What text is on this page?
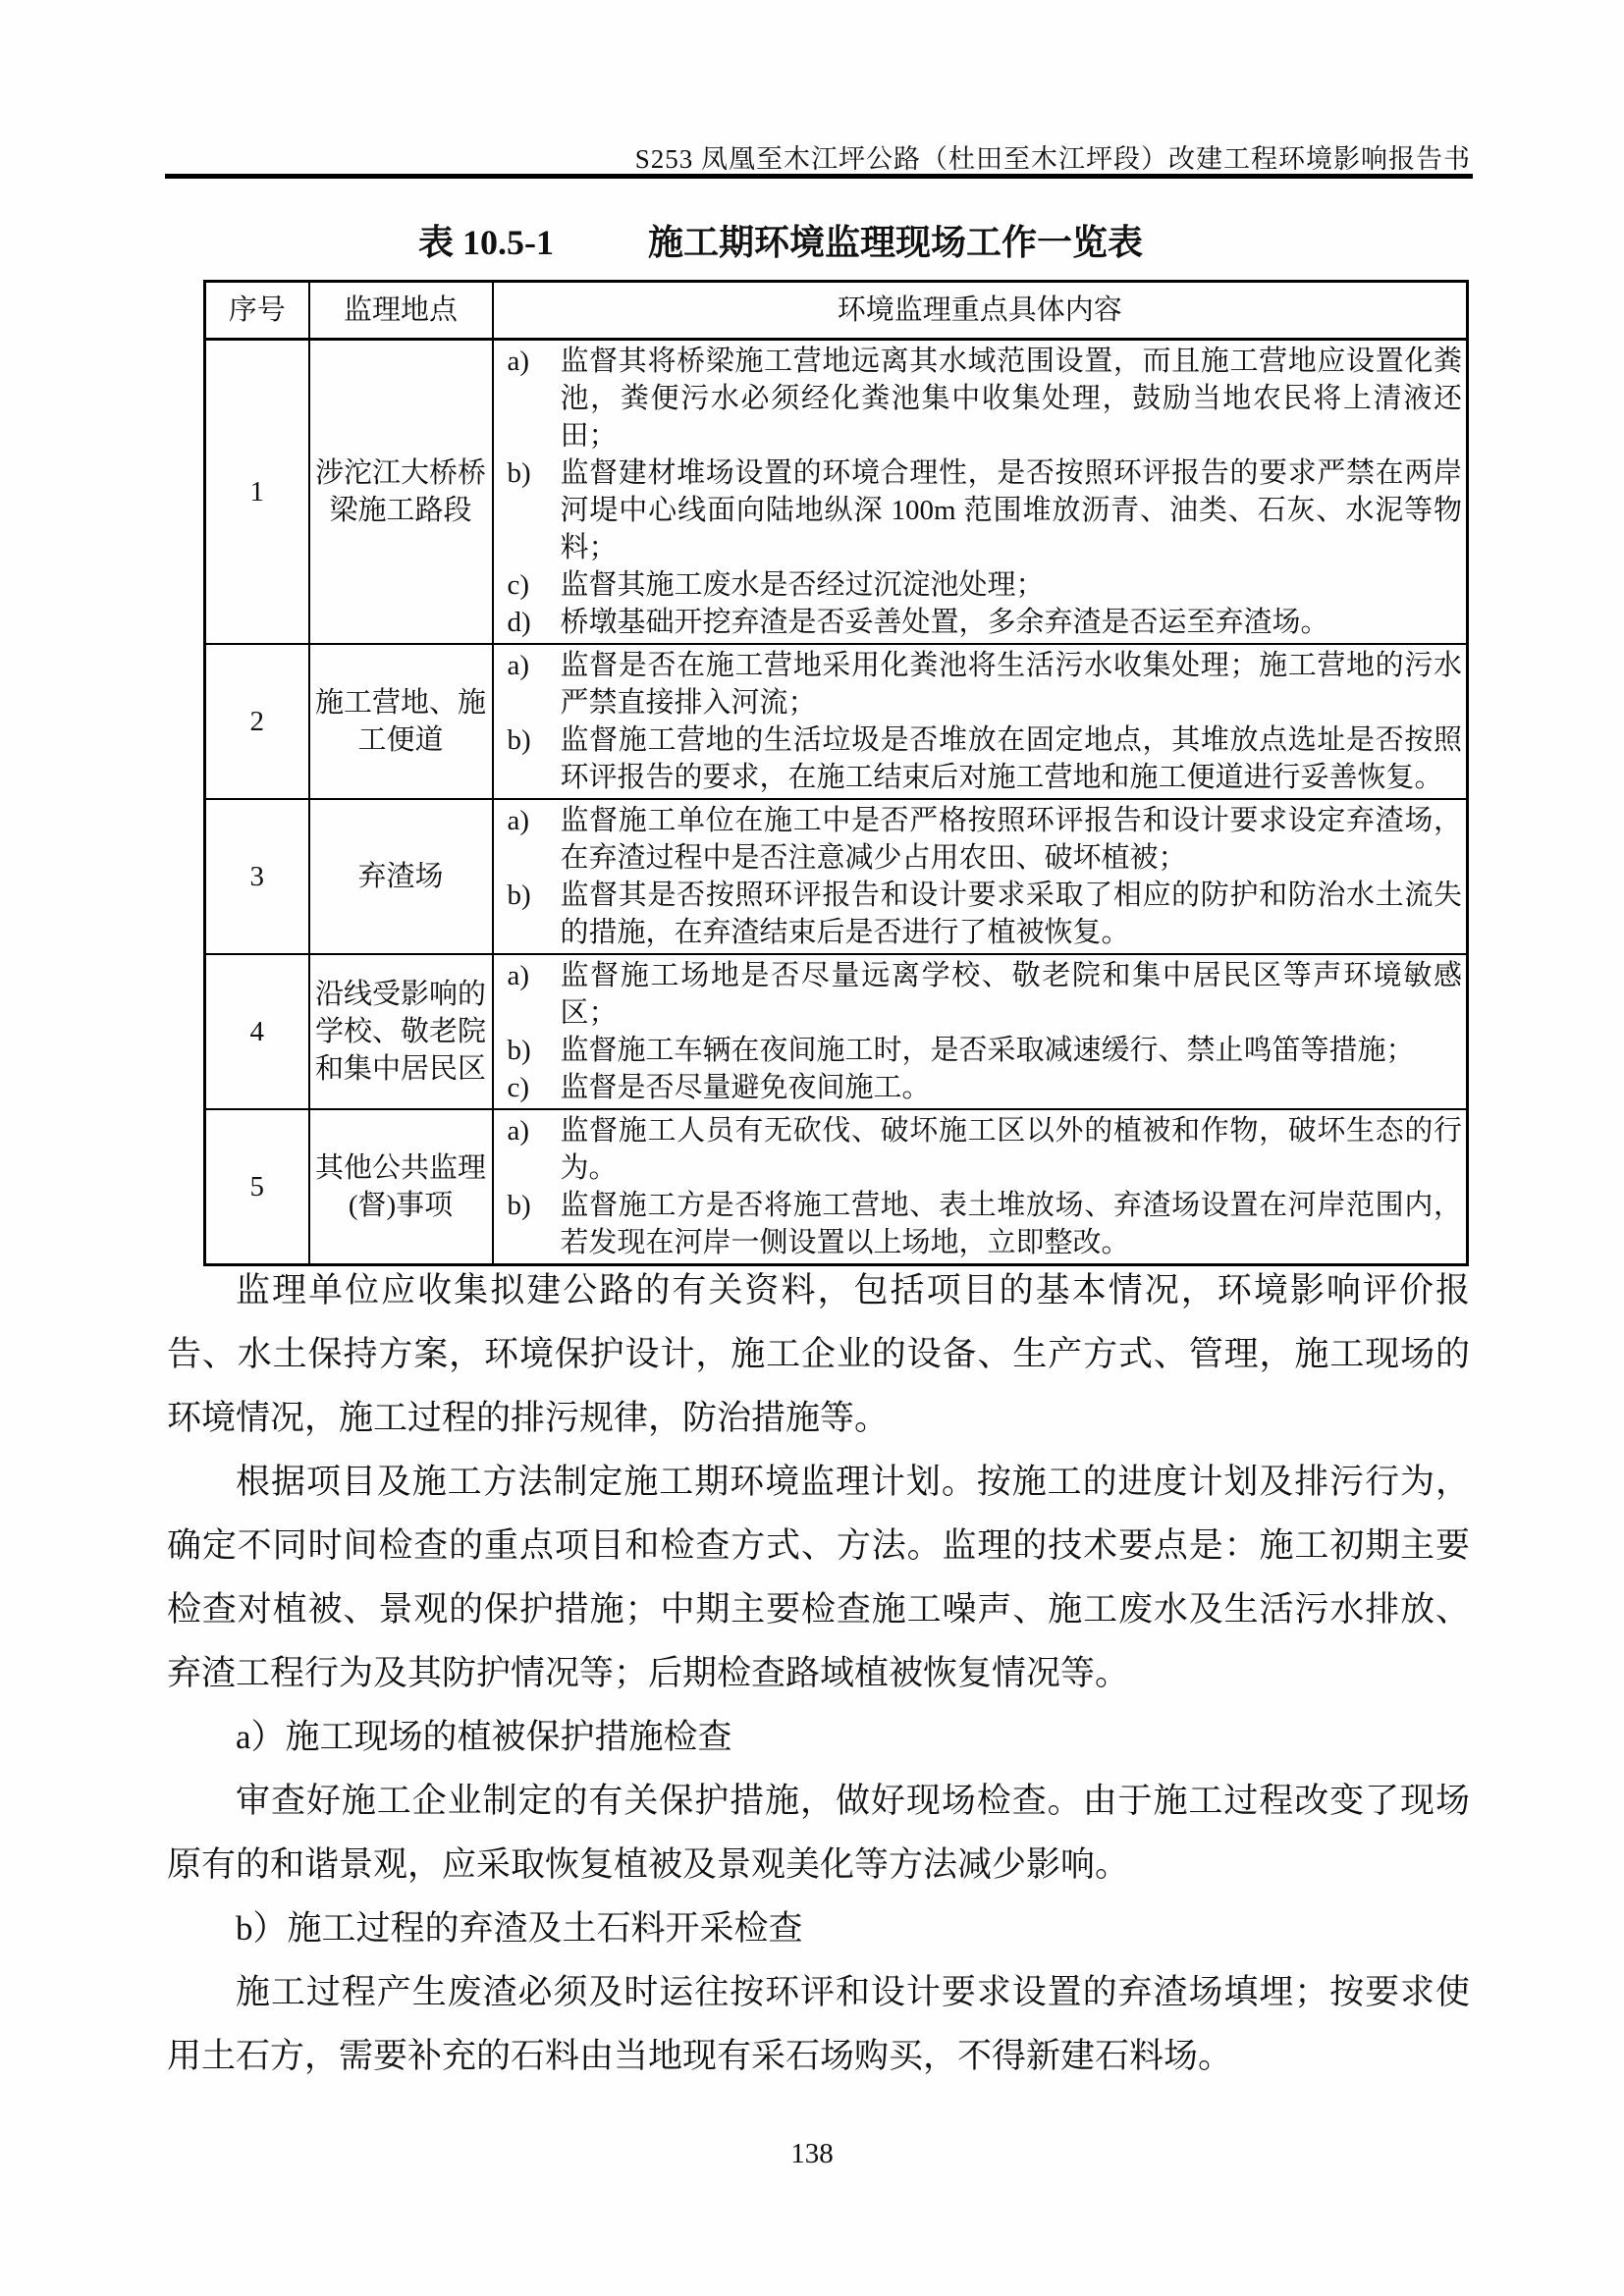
S253 凤凰至木江坪公路（杜田至木江坪段）改建工程环境影响报告书
表 10.5-1	施工期环境监理现场工作一览表
序号	监理地点	环境监理重点具体内容
1	涉沱江大桥桥梁施工路段	
a)	监督其将桥梁施工营地远离其水域范围设置，而且施工营地应设置化粪池，粪便污水必须经化粪池集中收集处理，鼓励当地农民将上清液还田；
b)	监督建材堆场设置的环境合理性，是否按照环评报告的要求严禁在两岸河堤中心线面向陆地纵深 100m 范围堆放沥青、油类、石灰、水泥等物料；
c)	监督其施工废水是否经过沉淀池处理；
d)	桥墩基础开挖弃渣是否妥善处置，多余弃渣是否运至弃渣场。

2	施工营地、施工便道	a) 监督是否在施工营地采用化粪池将生活污水收集处理；施工营地的污水严禁直接排入河流；
b) 监督施工营地的生活垃圾是否堆放在固定地点，其堆放点选址是否按照环评报告的要求，在施工结束后对施工营地和施工便道进行妥善恢复。

3	弃渣场	a) 监督施工单位在施工中是否严格按照环评报告和设计要求设定弃渣场，在弃渣过程中是否注意减少占用农田、破坏植被；
b) 监督其是否按照环评报告和设计要求采取了相应的防护和防治水土流失的措施，在弃渣结束后是否进行了植被恢复。

4	沿线受影响的学校、敬老院和集中居民区	
a)	监督施工场地是否尽量远离学校、敬老院和集中居民区等声环境敏感区；
b)	监督施工车辆在夜间施工时，是否采取减速缓行、禁止鸣笛等措施；
c)	监督是否尽量避免夜间施工。

5	其他公共监理(督)事项	a) 监督施工人员有无砍伐、破坏施工区以外的植被和作物，破坏生态的行为。
b) 监督施工方是否将施工营地、表土堆放场、弃渣场设置在河岸范围内，若发现在河岸一侧设置以上场地，立即整改。

监理单位应收集拟建公路的有关资料，包括项目的基本情况，环境影响评价报告、水土保持方案，环境保护设计，施工企业的设备、生产方式、管理，施工现场的环境情况，施工过程的排污规律，防治措施等。

根据项目及施工方法制定施工期环境监理计划。按施工的进度计划及排污行为，确定不同时间检查的重点项目和检查方式、方法。监理的技术要点是：施工初期主要检查对植被、景观的保护措施；中期主要检查施工噪声、施工废水及生活污水排放、弃渣工程行为及其防护情况等；后期检查路域植被恢复情况等。

a）施工现场的植被保护措施检查

审查好施工企业制定的有关保护措施，做好现场检查。由于施工过程改变了现场原有的和谐景观，应采取恢复植被及景观美化等方法减少影响。

b）施工过程的弃渣及土石料开采检查

施工过程产生废渣必须及时运往按环评和设计要求设置的弃渣场填埋；按要求使用土石方，需要补充的石料由当地现有采石场购买，不得新建石料场。

138
